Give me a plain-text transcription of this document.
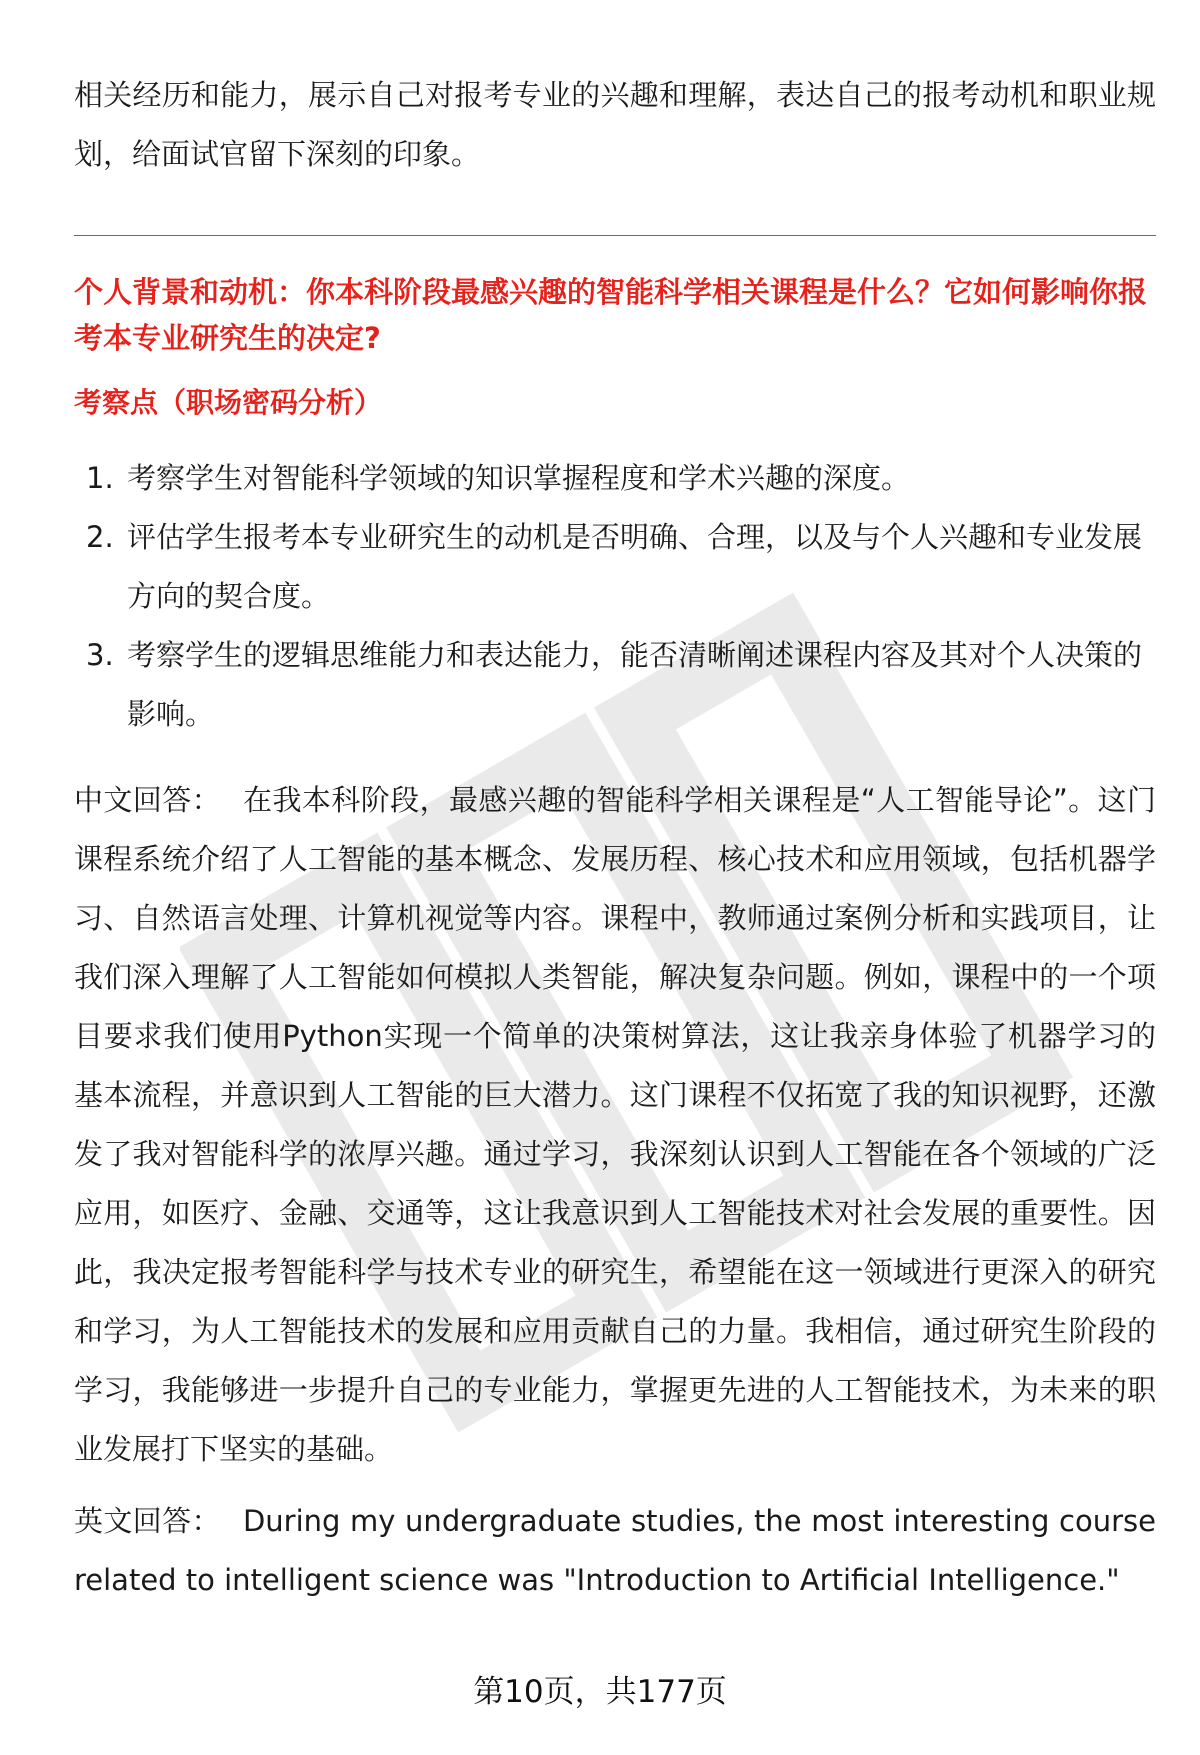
相关经历和能力，展示自己对报考专业的兴趣和理解，表达自己的报考动机和职业规划，给面试官留下深刻的印象。

个人背景和动机：你本科阶段最感兴趣的智能科学相关课程是什么？它如何影响你报考本专业研究生的决定?

考察点（职场密码分析）

1. 考察学生对智能科学领域的知识掌握程度和学术兴趣的深度。
2. 评估学生报考本专业研究生的动机是否明确、合理，以及与个人兴趣和专业发展方向的契合度。
3. 考察学生的逻辑思维能力和表达能力，能否清晰阐述课程内容及其对个人决策的影响。

中文回答： 在我本科阶段，最感兴趣的智能科学相关课程是“人工智能导论”。这门课程系统介绍了人工智能的基本概念、发展历程、核心技术和应用领域，包括机器学习、自然语言处理、计算机视觉等内容。课程中，教师通过案例分析和实践项目，让我们深入理解了人工智能如何模拟人类智能，解决复杂问题。例如，课程中的一个项目要求我们使用Python实现一个简单的决策树算法，这让我亲身体验了机器学习的基本流程，并意识到人工智能的巨大潜力。这门课程不仅拓宽了我的知识视野，还激发了我对智能科学的浓厚兴趣。通过学习，我深刻认识到人工智能在各个领域的广泛应用，如医疗、金融、交通等，这让我意识到人工智能技术对社会发展的重要性。因此，我决定报考智能科学与技术专业的研究生，希望能在这一领域进行更深入的研究和学习，为人工智能技术的发展和应用贡献自己的力量。我相信，通过研究生阶段的学习，我能够进一步提升自己的专业能力，掌握更先进的人工智能技术，为未来的职业发展打下坚实的基础。

英文回答： During my undergraduate studies, the most interesting course related to intelligent science was "Introduction to Artificial Intelligence."

第10页，共177页
